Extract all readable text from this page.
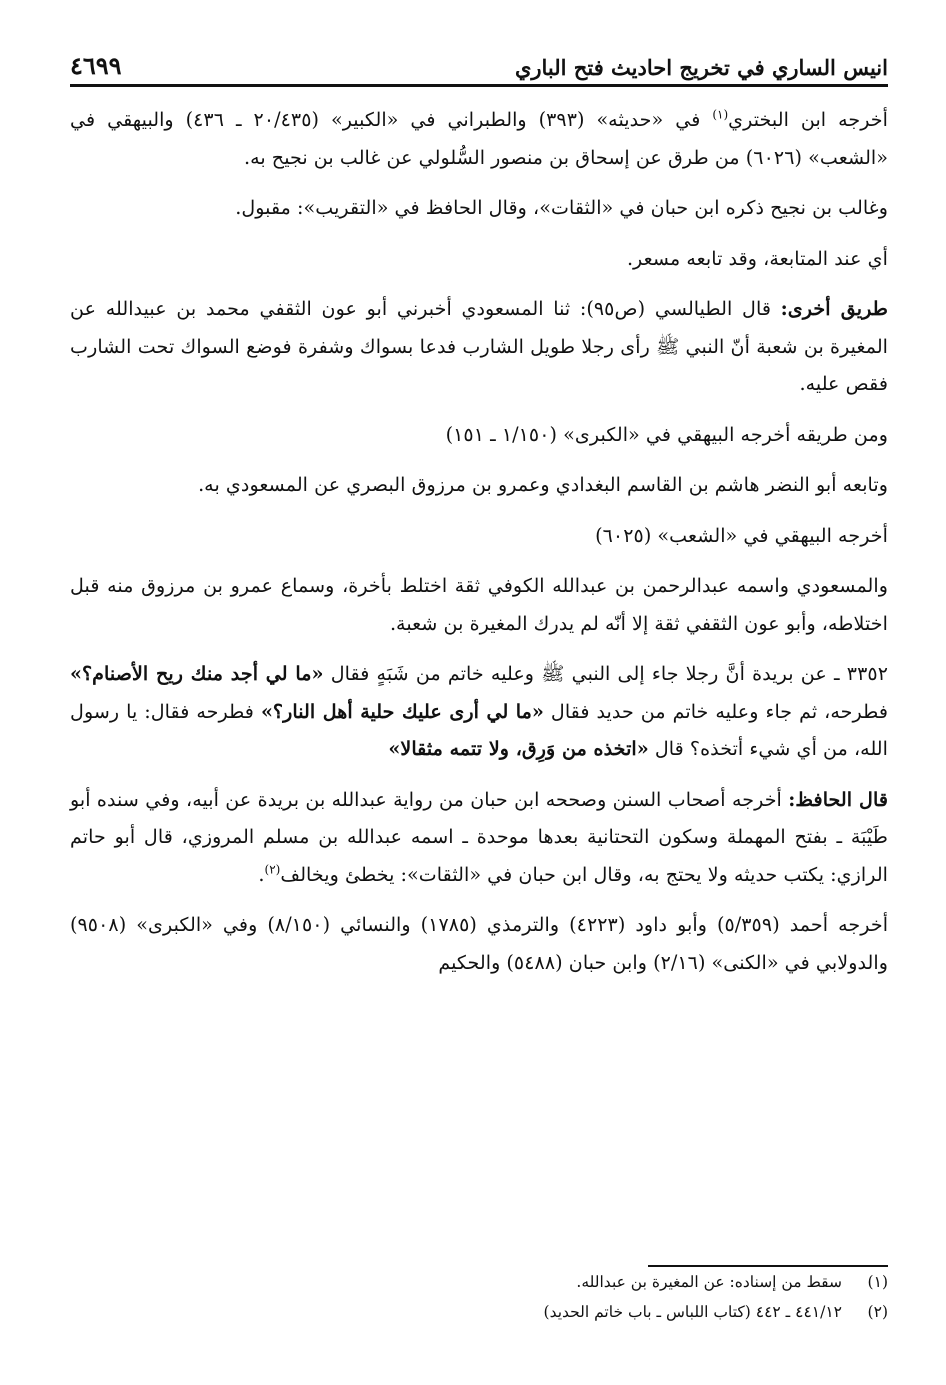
انيس الساري في تخريج احاديث فتح الباري
٤٦٩٩

أخرجه ابن البختري$^{(١)}$ في «حديثه» (٣٩٣) والطبراني في «الكبير» (٢٠/٤٣٥ ـ ٤٣٦) والبيهقي في «الشعب» (٦٠٢٦) من طرق عن إسحاق بن منصور السُّلولي عن غالب بن نجيح به.

وغالب بن نجيح ذكره ابن حبان في «الثقات»، وقال الحافظ في «التقريب»: مقبول.

أي عند المتابعة، وقد تابعه مسعر.

طريق أخرى: قال الطيالسي (ص٩٥): ثنا المسعودي أخبرني أبو عون الثقفي محمد بن عبيدالله عن المغيرة بن شعبة أنّ النبي ﷺ رأى رجلا طويل الشارب فدعا بسواك وشفرة فوضع السواك تحت الشارب فقص عليه.

ومن طريقه أخرجه البيهقي في «الكبرى» (١/١٥٠ ـ ١٥١)

وتابعه أبو النضر هاشم بن القاسم البغدادي وعمرو بن مرزوق البصري عن المسعودي به.

أخرجه البيهقي في «الشعب» (٦٠٢٥)

والمسعودي واسمه عبدالرحمن بن عبدالله الكوفي ثقة اختلط بأخرة، وسماع عمرو بن مرزوق منه قبل اختلاطه، وأبو عون الثقفي ثقة إلا أنّه لم يدرك المغيرة بن شعبة.

٣٣٥٢ ـ عن بريدة أنَّ رجلا جاء إلى النبي ﷺ وعليه خاتم من شَبَهٍ فقال «ما لي أجد منك ريح الأصنام؟» فطرحه، ثم جاء وعليه خاتم من حديد فقال «ما لي أرى عليك حلية أهل النار؟» فطرحه فقال: يا رسول الله، من أي شيء أتخذه؟ قال «اتخذه من وَرِق، ولا تتمه مثقالا»

قال الحافظ: أخرجه أصحاب السنن وصححه ابن حبان من رواية عبدالله بن بريدة عن أبيه، وفي سنده أبو طَيْبَة ـ بفتح المهملة وسكون التحتانية بعدها موحدة ـ اسمه عبدالله بن مسلم المروزي، قال أبو حاتم الرازي: يكتب حديثه ولا يحتج به، وقال ابن حبان في «الثقات»: يخطئ ويخالف$^{(٢)}$.

أخرجه أحمد (٥/٣٥٩) وأبو داود (٤٢٢٣) والترمذي (١٧٨٥) والنسائي (٨/١٥٠) وفي «الكبرى» (٩٥٠٨) والدولابي في «الكنى» (٢/١٦) وابن حبان (٥٤٨٨) والحكيم

(١)
سقط من إسناده: عن المغيرة بن عبدالله.
(٢)
٤٤١/١٢ ـ ٤٤٢ (كتاب اللباس ـ باب خاتم الحديد)
